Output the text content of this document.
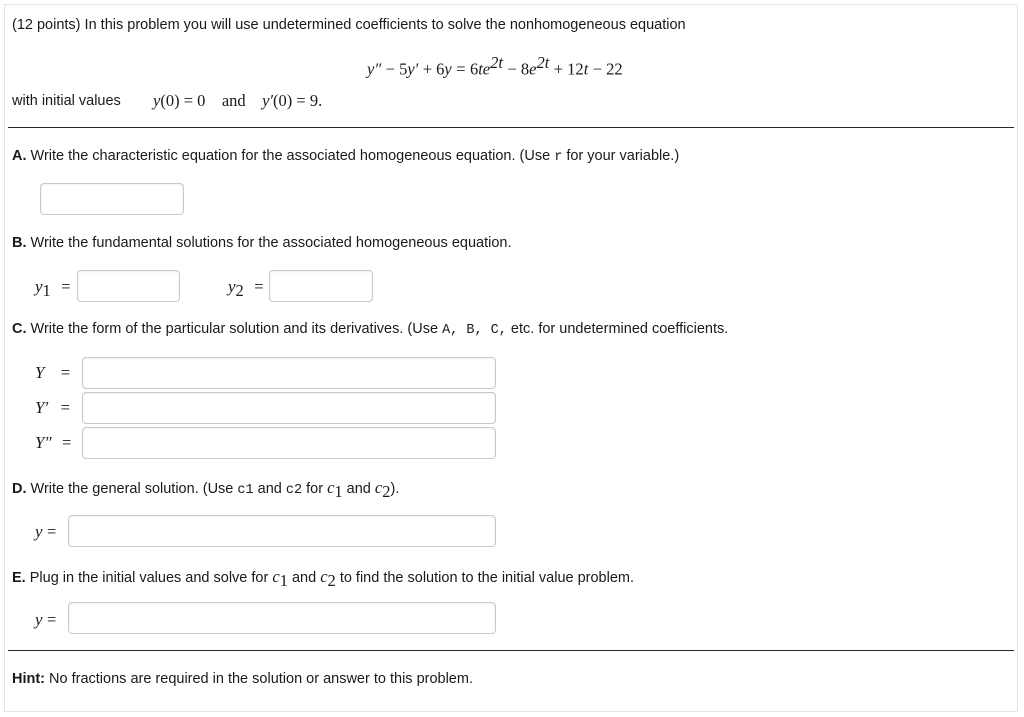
(12 points) In this problem you will use undetermined coefficients to solve the nonhomogeneous equation
$y'' - 5y' + 6y = 6te^{2t} - 8e^{2t} + 12t - 22$
with initial values y(0) = 0 and y′(0) = 9.
A. Write the characteristic equation for the associated homogeneous equation. (Use r for your variable.)
B. Write the fundamental solutions for the associated homogeneous equation.
$y_1$ =	$y_2$ =
C. Write the form of the particular solution and its derivatives. (Use A, B, C, etc. for undetermined coefficients.
Y =
Y′ =
Y″ =
D. Write the general solution. (Use c1 and c2 for $c_1$ and $c_2$).
y =
E. Plug in the initial values and solve for $c_1$ and $c_2$ to find the solution to the initial value problem.
y =
Hint: No fractions are required in the solution or answer to this problem.
